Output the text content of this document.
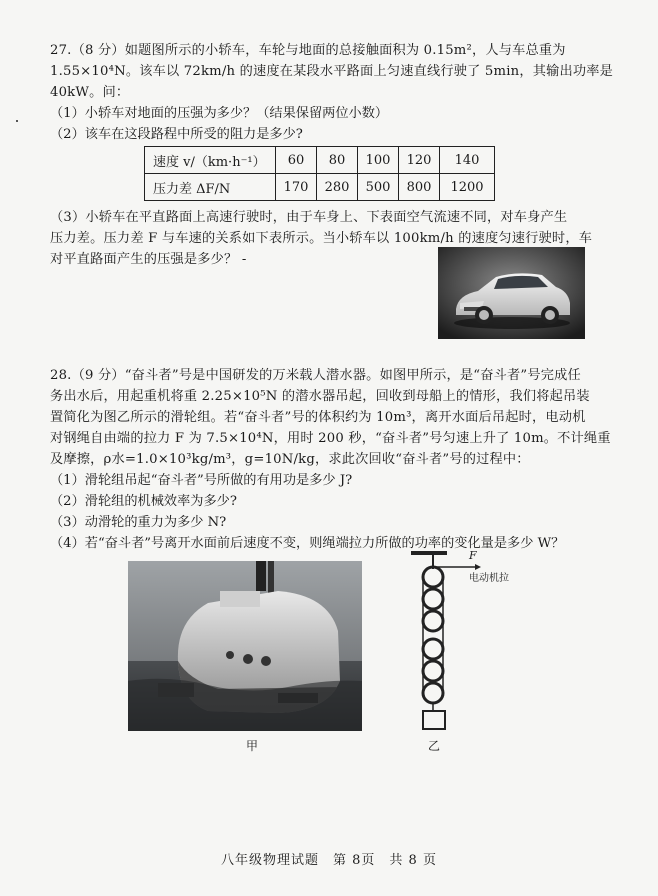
27.（8 分）如题图所示的小轿车，车轮与地面的总接触面积为 0.15m²，人与车总重为
1.55×10⁴N。该车以 72km/h 的速度在某段水平路面上匀速直线行驶了 5min，其输出功率是
40kW。问：
（1）小轿车对地面的压强为多少？（结果保留两位小数）
（2）该车在这段路程中所受的阻力是多少?
速度 v/（km·h⁻¹）	60	80	100	120	140
压力差 ΔF/N	170	280	500	800	1200
（3）小轿车在平直路面上高速行驶时，由于车身上、下表面空气流速不同，对车身产生
压力差。压力差 F 与车速的关系如下表所示。当小轿车以 100km/h 的速度匀速行驶时，车
对平直路面产生的压强是多少？ -
28.（9 分）“奋斗者”号是中国研发的万米载人潜水器。如图甲所示，是“奋斗者”号完成任
务出水后，用起重机将重 2.25×10⁵N 的潜水器吊起，回收到母船上的情形，我们将起吊装
置简化为图乙所示的滑轮组。若“奋斗者”号的体积约为 10m³，离开水面后吊起时，电动机
对钢绳自由端的拉力 F 为 7.5×10⁴N，用时 200 秒，“奋斗者”号匀速上升了 10m。不计绳重
及摩擦，ρ水=1.0×10³kg/m³，g=10N/kg，求此次回收“奋斗者”号的过程中：
（1）滑轮组吊起“奋斗者”号所做的有用功是多少 J?
（2）滑轮组的机械效率为多少?
（3）动滑轮的重力为多少 N?
（4）若“奋斗者”号离开水面前后速度不变，则绳端拉力所做的功率的变化量是多少 W？
甲
F
电动机拉
乙
八年级物理试题　第 8页　共 8 页
